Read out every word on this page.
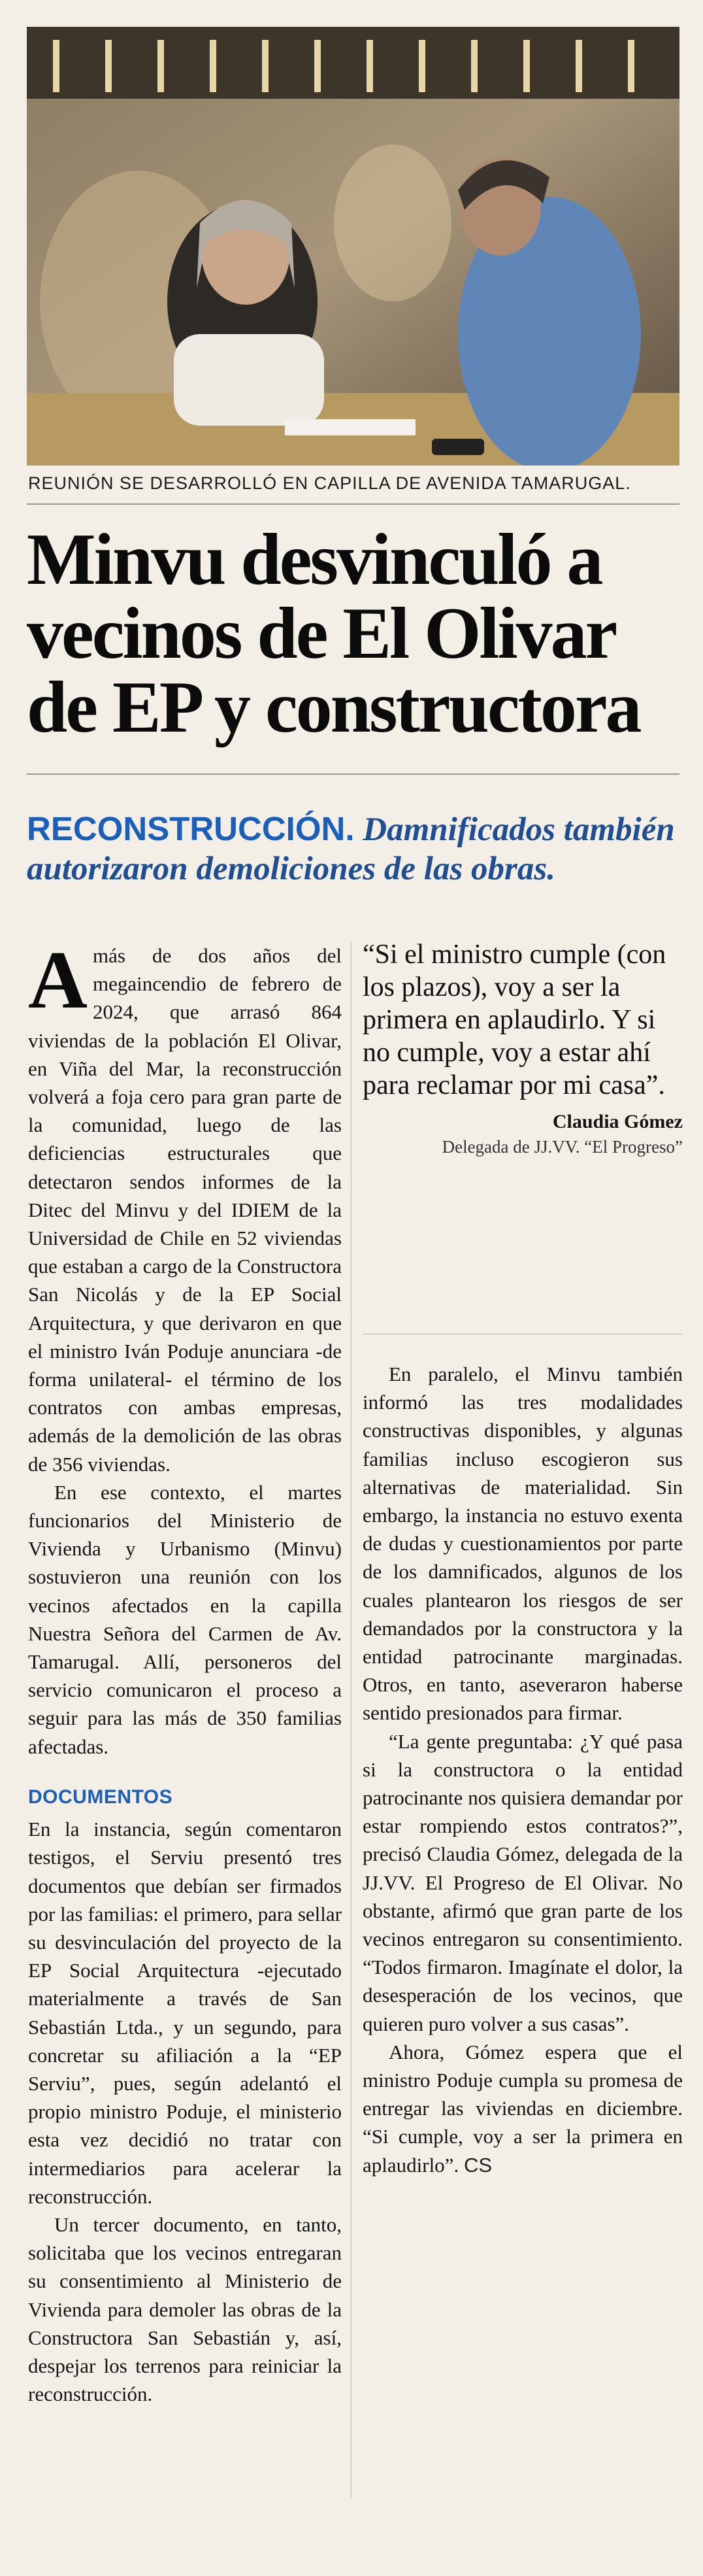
REUNIÓN SE DESARROLLÓ EN CAPILLA DE AVENIDA TAMARUGAL.
Minvu desvinculó a vecinos de El Olivar de EP y constructora
RECONSTRUCCIÓN. Damnificados también autorizaron demoliciones de las obras.

Amás de dos años del megaincendio de febrero de 2024, que arrasó 864 viviendas de la población El Olivar, en Viña del Mar, la reconstrucción volverá a foja cero para gran parte de la comunidad, luego de las deficiencias estructurales que detectaron sendos informes de la Ditec del Minvu y del IDIEM de la Universidad de Chile en 52 viviendas que estaban a cargo de la Constructora San Nicolás y de la EP Social Arquitectura, y que derivaron en que el ministro Iván Poduje anunciara -de forma unilateral- el término de los contratos con ambas empresas, además de la demolición de las obras de 356 viviendas.

En ese contexto, el martes funcionarios del Ministerio de Vivienda y Urbanismo (Minvu) sostuvieron una reunión con los vecinos afectados en la capilla Nuestra Señora del Carmen de Av. Tamarugal. Allí, personeros del servicio comunicaron el proceso a seguir para las más de 350 familias afectadas.

DOCUMENTOS

En la instancia, según comentaron testigos, el Serviu presentó tres documentos que debían ser firmados por las familias: el primero, para sellar su desvinculación del proyecto de la EP Social Arquitectura -ejecutado materialmente a través de San Sebastián Ltda., y un segundo, para concretar su afiliación a la “EP Serviu”, pues, según adelantó el propio ministro Poduje, el ministerio esta vez decidió no tratar con intermediarios para acelerar la reconstrucción.

Un tercer documento, en tanto, solicitaba que los vecinos entregaran su consentimiento al Ministerio de Vivienda para demoler las obras de la Constructora San Sebastián y, así, despejar los terrenos para reiniciar la reconstrucción.

“Si el ministro cumple (con los plazos), voy a ser la primera en aplaudirlo. Y si no cumple, voy a estar ahí para reclamar por mi casa”.
Claudia Gómez
Delegada de JJ.VV. “El Progreso”

En paralelo, el Minvu también informó las tres modalidades constructivas disponibles, y algunas familias incluso escogieron sus alternativas de materialidad. Sin embargo, la instancia no estuvo exenta de dudas y cuestionamientos por parte de los damnificados, algunos de los cuales plantearon los riesgos de ser demandados por la constructora y la entidad patrocinante marginadas. Otros, en tanto, aseveraron haberse sentido presionados para firmar.

“La gente preguntaba: ¿Y qué pasa si la constructora o la entidad patrocinante nos quisiera demandar por estar rompiendo estos contratos?”, precisó Claudia Gómez, delegada de la JJ.VV. El Progreso de El Olivar. No obstante, afirmó que gran parte de los vecinos entregaron su consentimiento. “Todos firmaron. Imagínate el dolor, la desesperación de los vecinos, que quieren puro volver a sus casas”.

Ahora, Gómez espera que el ministro Poduje cumpla su promesa de entregar las viviendas en diciembre. “Si cumple, voy a ser la primera en aplaudirlo”. CS
